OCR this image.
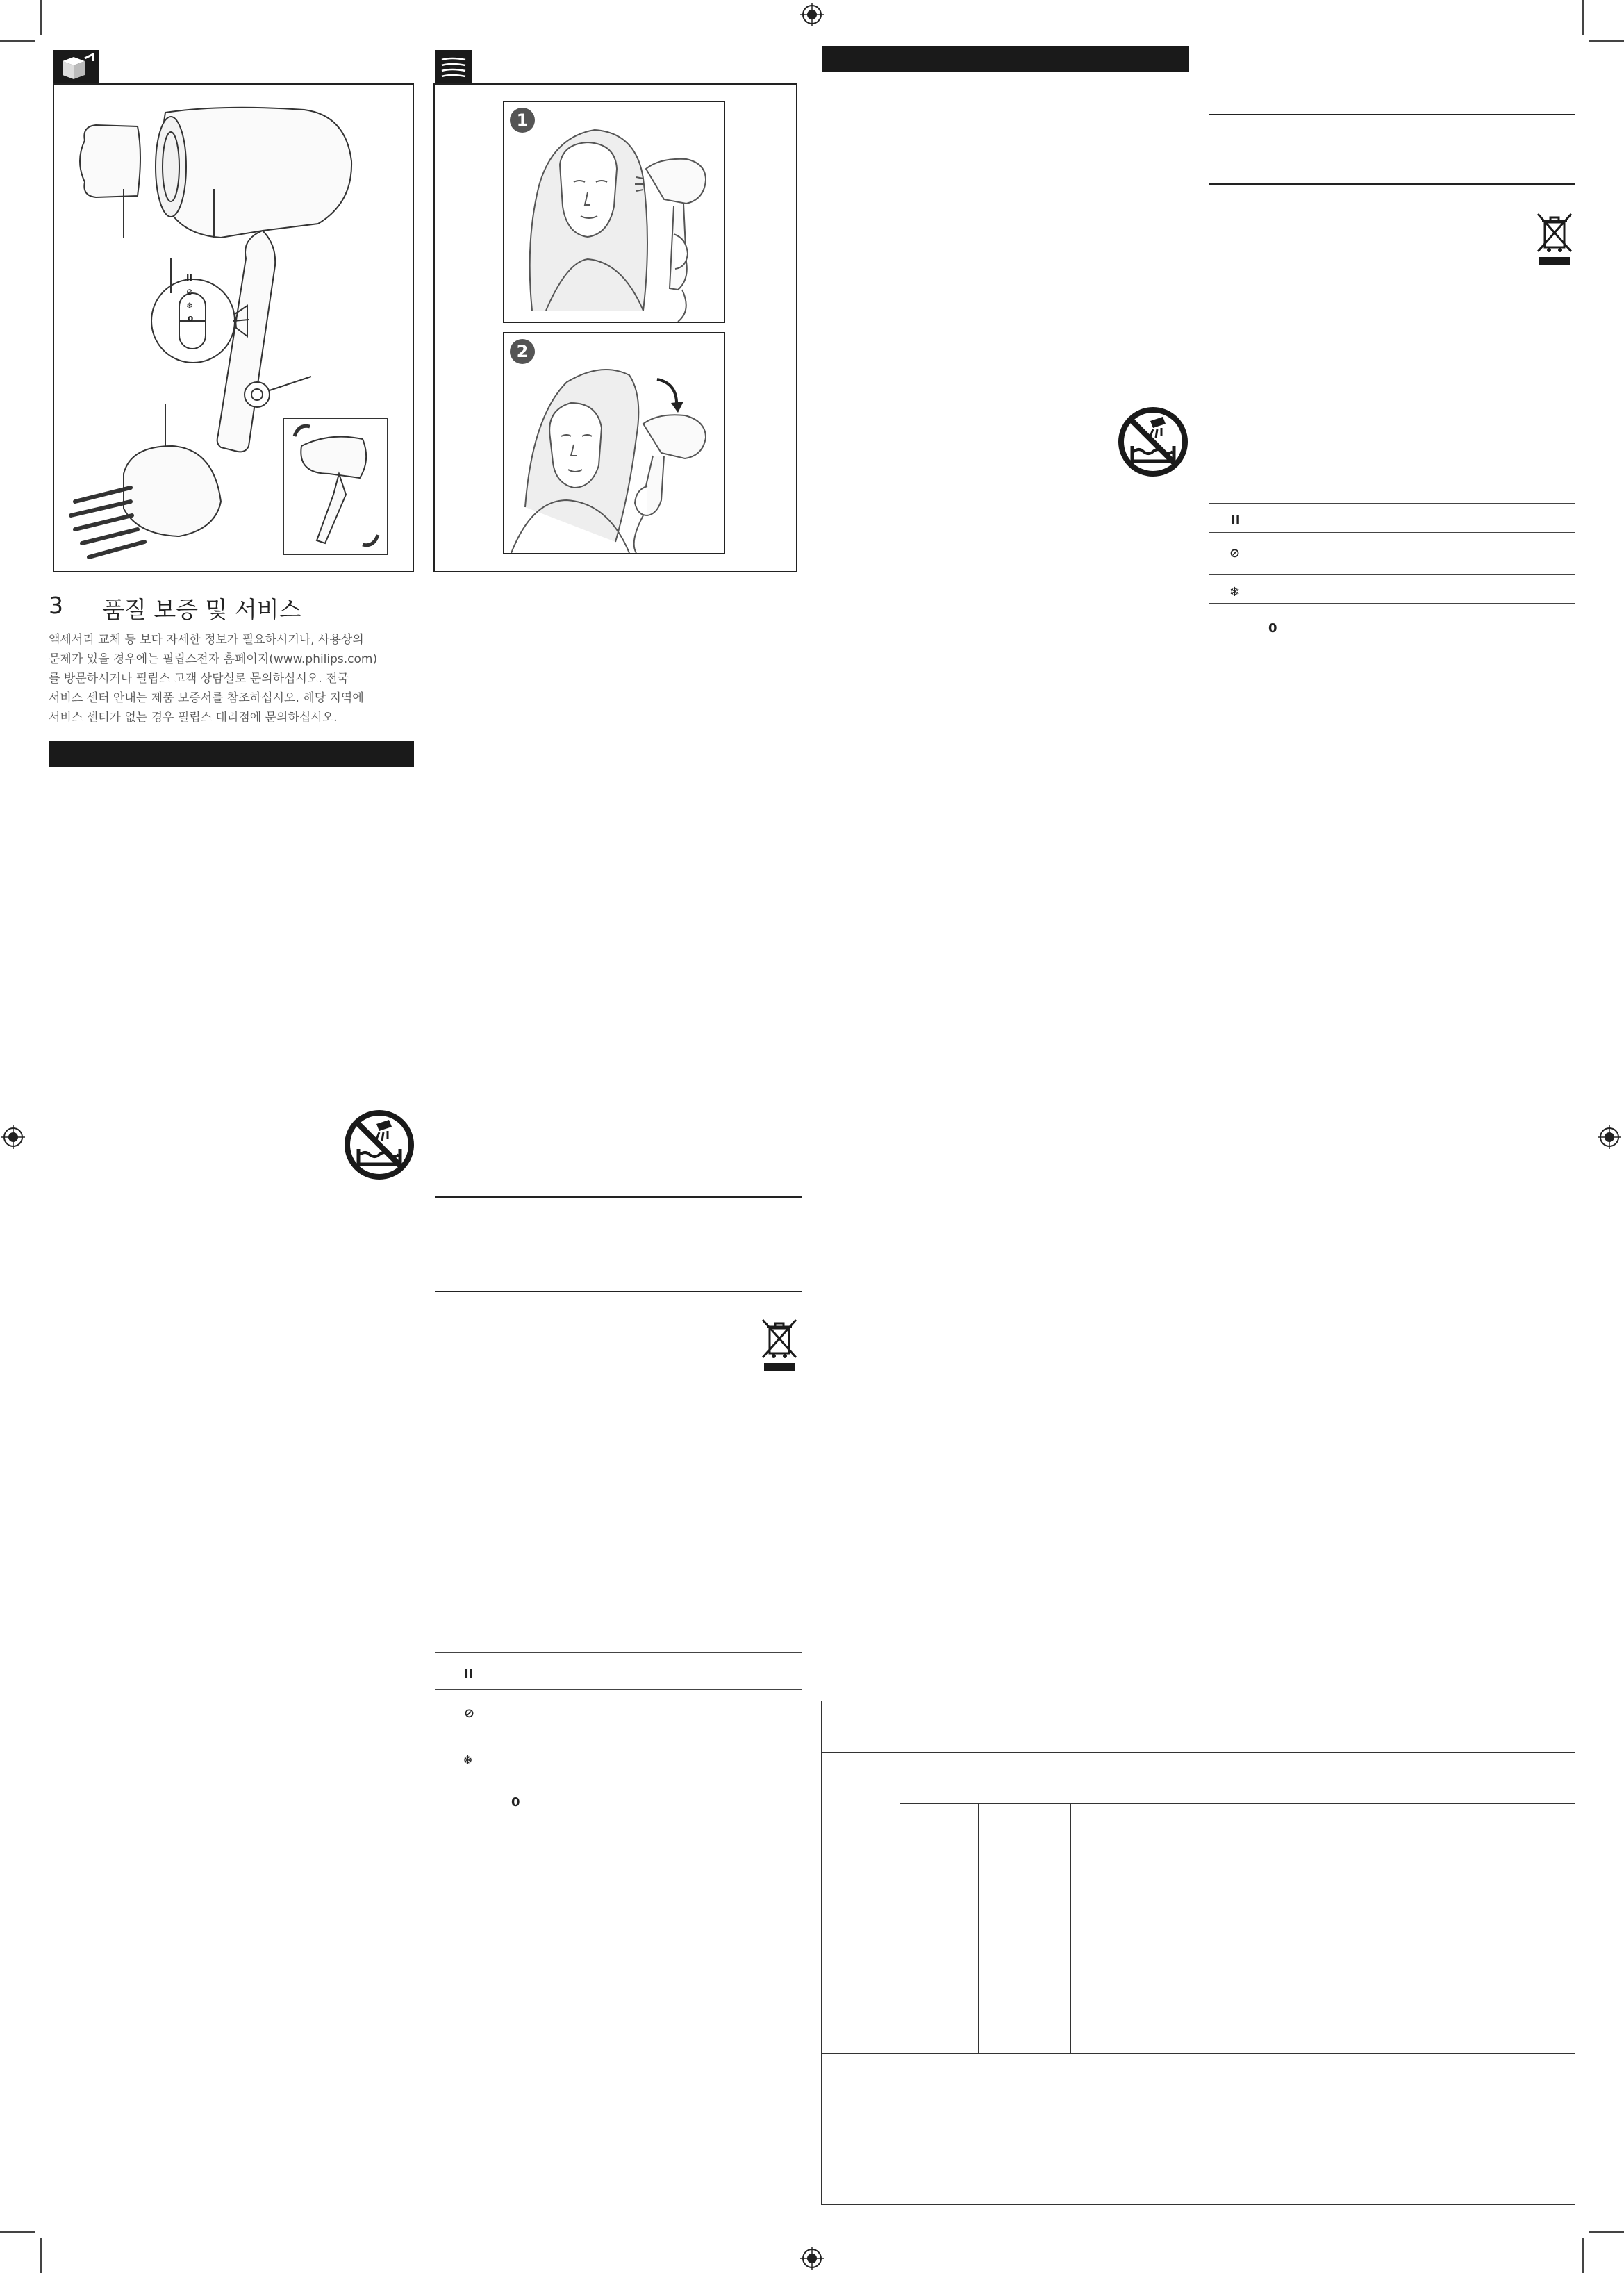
II
⊘
❄
o
3 품질 보증 및 서비스
액세서리 교체 등 보다 자세한 정보가 필요하시거나, 사용상의
문제가 있을 경우에는 필립스전자 홈페이지(www.philips.com)
를 방문하시거나 필립스 고객 상담실로 문의하십시오. 전국
서비스 센터 안내는 제품 보증서를 참조하십시오. 해당 지역에
서비스 센터가 없는 경우 필립스 대리점에 문의하십시오.
1
2
II
⊘
❄
0

II
⊘
❄
0
